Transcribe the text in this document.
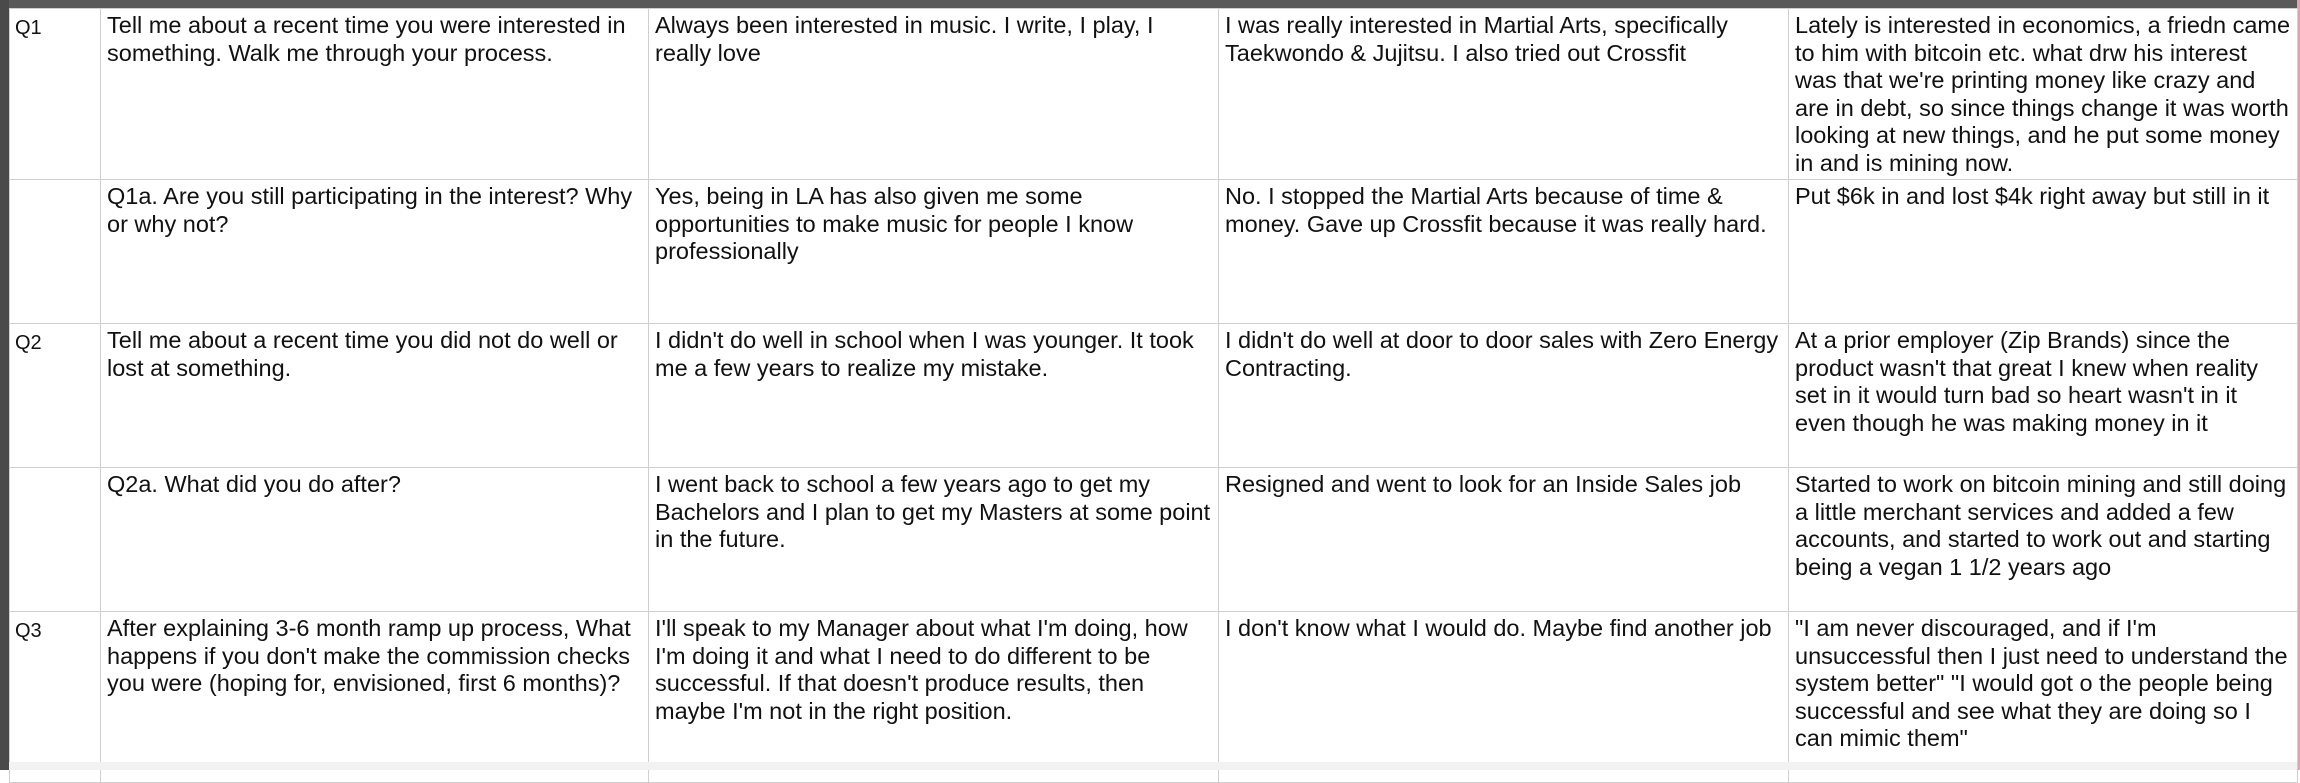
Q1	Tell me about a recent time you were interested in something. Walk me through your process.	Always been interested in music. I write, I play, I really love	I was really interested in Martial Arts, specifically Taekwondo & Jujitsu. I also tried out Crossfit	Lately is interested in economics, a friedn came to him with bitcoin etc. what drw his interest was that we're printing money like crazy and are in debt, so since things change it was worth looking at new things, and he put some money in and is mining now.
	Q1a. Are you still participating in the interest? Why or why not?	Yes, being in LA has also given me some opportunities to make music for people I know professionally	No. I stopped the Martial Arts because of time & money. Gave up Crossfit because it was really hard.	Put $6k in and lost $4k right away but still in it
Q2	Tell me about a recent time you did not do well or lost at something.	I didn't do well in school when I was younger. It took me a few years to realize my mistake.	I didn't do well at door to door sales with Zero Energy Contracting.	At a prior employer (Zip Brands) since the product wasn't that great I knew when reality set in it would turn bad so heart wasn't in it even though he was making money in it
	Q2a. What did you do after?	I went back to school a few years ago to get my Bachelors and I plan to get my Masters at some point in the future.	Resigned and went to look for an Inside Sales job	Started to work on bitcoin mining and still doing a little merchant services and added a few accounts, and started to work out and starting being a vegan 1 1/2 years ago
Q3	After explaining 3-6 month ramp up process, What happens if you don't make the commission checks you were (hoping for, envisioned, first 6 months)?	I'll speak to my Manager about what I'm doing, how I'm doing it and what I need to do different to be successful. If that doesn't produce results, then maybe I'm not in the right position.	I don't know what I would do. Maybe find another job	"I am never discouraged, and if I'm unsuccessful then I just need to understand the system better" "I would got o the people being successful and see what they are doing so I can mimic them"
